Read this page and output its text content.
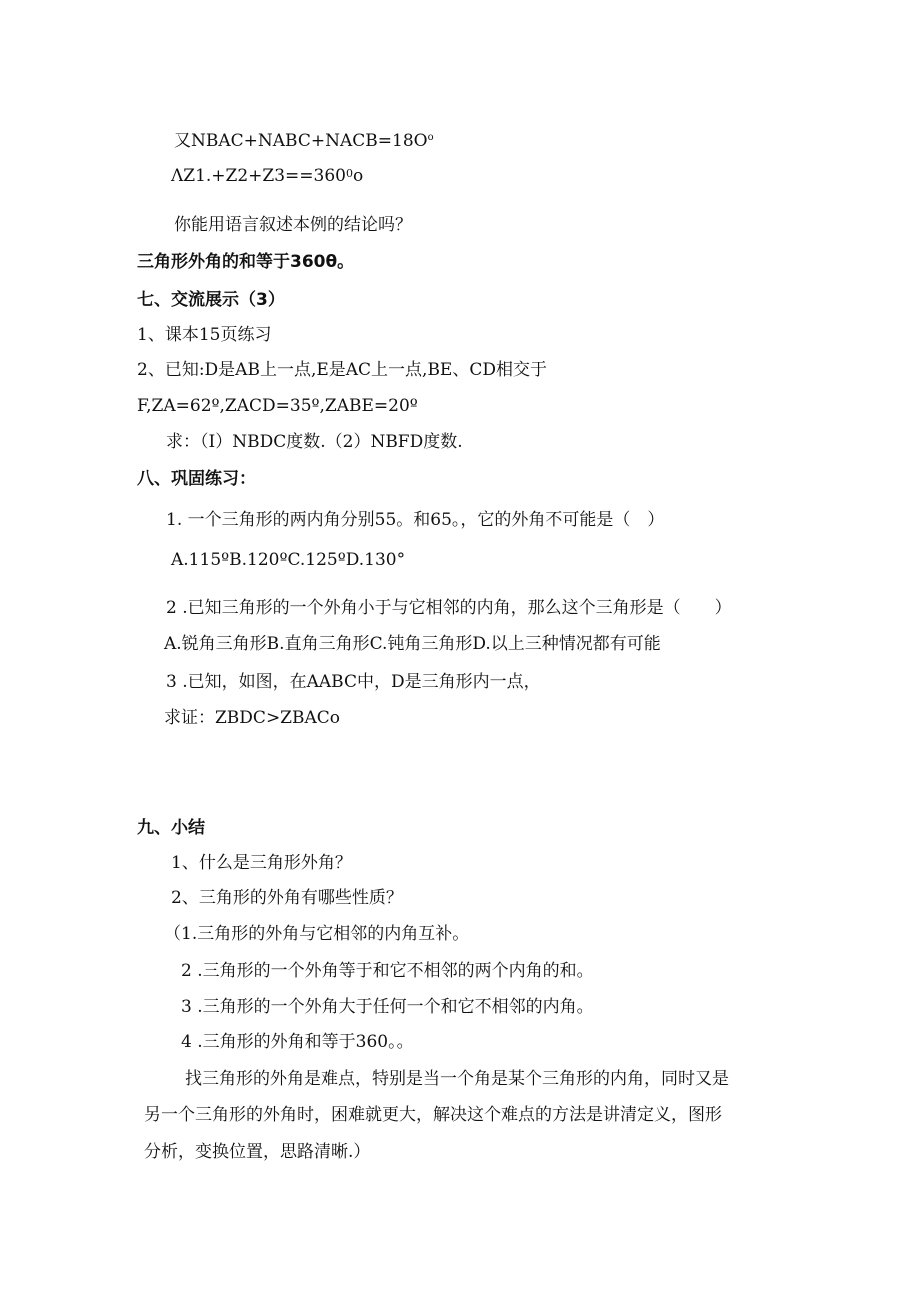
又$NBAC+NABC+NACB=18O^o$
$\Lambda Z1.+Z2+Z3==360^0o$
你能用语言叙述本例的结论吗？
三角形外角的和等于360θ。
七、交流展示（3）
1、课本15页练习
2、已知:D是AB上一点,E是AC上一点,BE、CD相交于
F,ZA=62º,ZACD=35º,ZABE=20º
求：（I）NBDC度数.（2）NBFD度数.
八、巩固练习：
1. 一个三角形的两内角分别55。和65。，它的外角不可能是（　）
A.115ºB.120ºC.125ºD.130°
2 .已知三角形的一个外角小于与它相邻的内角，那么这个三角形是（　　）
A.锐角三角形B.直角三角形C.钝角三角形D.以上三种情况都有可能
3 .已知，如图，在AABC中，D是三角形内一点，
求证：ZBDC>ZBACo
九、小结
1、什么是三角形外角？
2、三角形的外角有哪些性质？
（1.三角形的外角与它相邻的内角互补。
2 .三角形的一个外角等于和它不相邻的两个内角的和。
3 .三角形的一个外角大于任何一个和它不相邻的内角。
4 .三角形的外角和等于360。。
找三角形的外角是难点，特别是当一个角是某个三角形的内角，同时又是
另一个三角形的外角时，困难就更大，解决这个难点的方法是讲清定义，图形
分析，变换位置，思路清晰.）
